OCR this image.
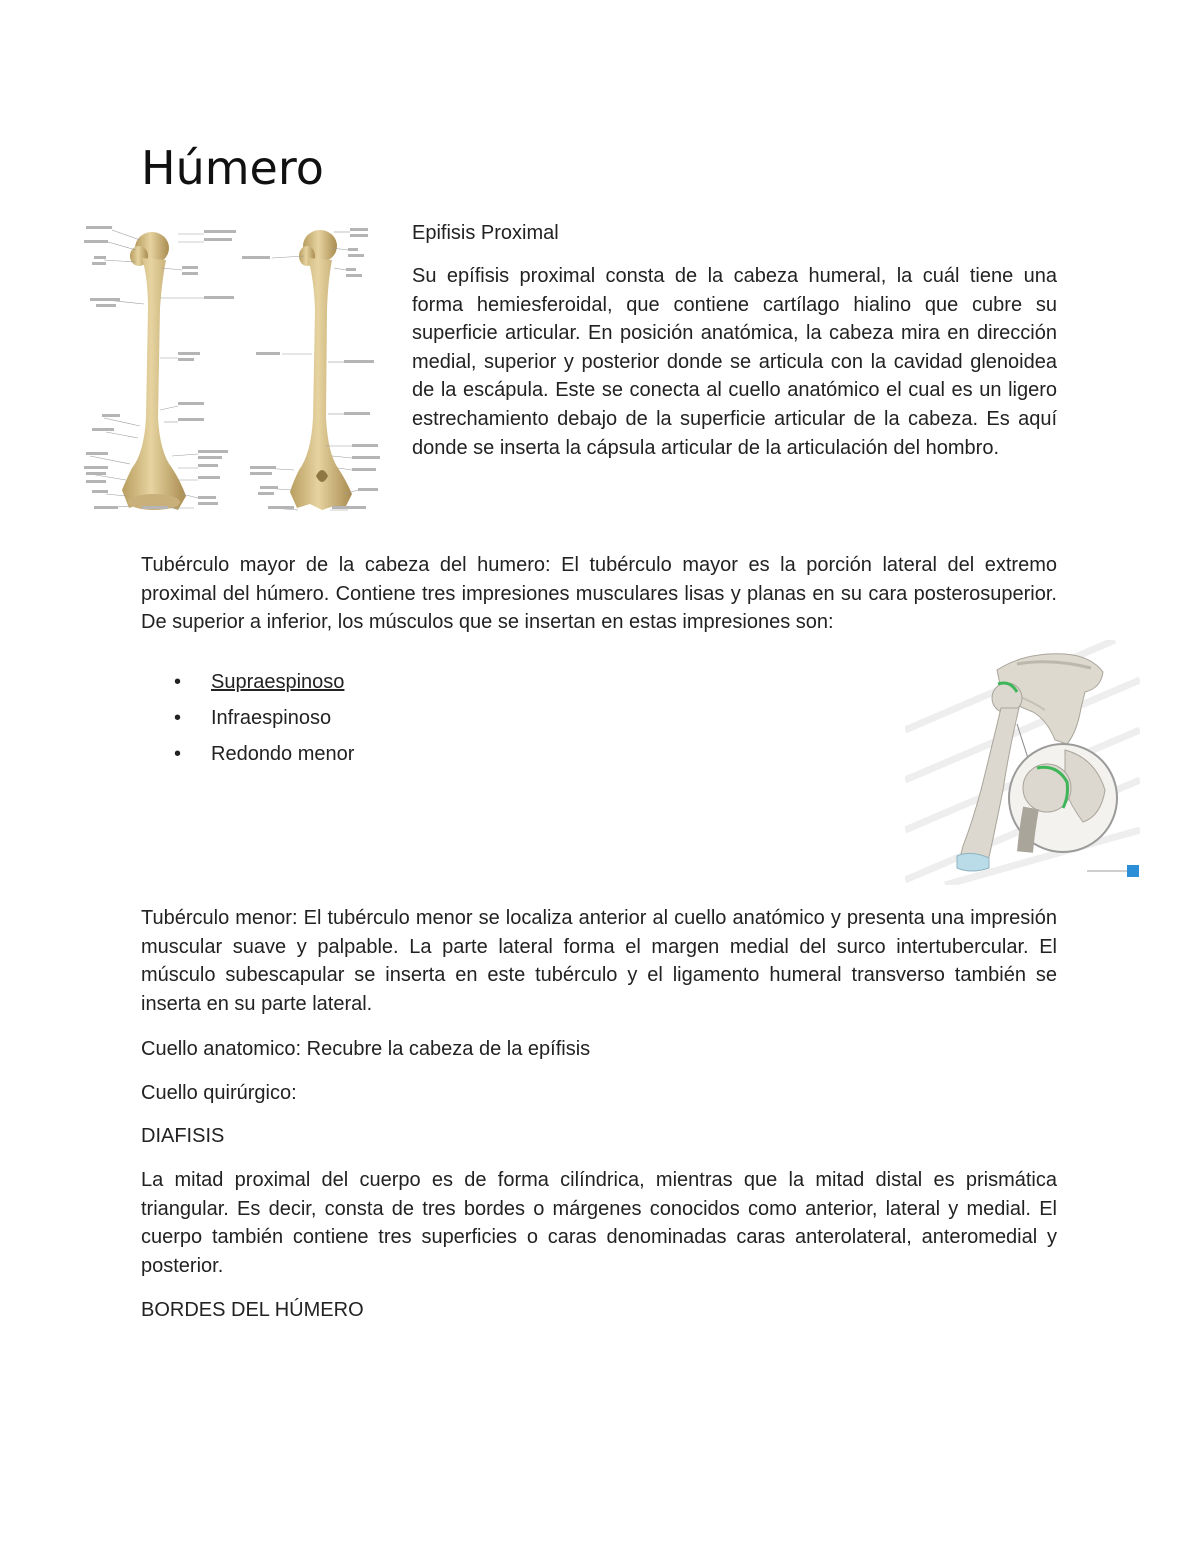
Húmero

Epifisis Proximal

Su epífisis proximal consta de la cabeza humeral, la cuál tiene una forma hemiesferoidal, que contiene cartílago hialino que cubre su superficie articular. En posición anatómica, la cabeza mira en dirección medial, superior y posterior donde se articula con la cavidad glenoidea de la escápula. Este se conecta al cuello anatómico el cual es un ligero estrechamiento debajo de la superficie articular de la cabeza. Es aquí donde se inserta la cápsula articular de la articulación del hombro.

Tubérculo mayor de la cabeza del humero: El tubérculo mayor es la porción lateral del extremo proximal del húmero. Contiene tres impresiones musculares lisas y planas en su cara posterosuperior. De superior a inferior, los músculos que se insertan en estas impresiones son:

• Supraespinoso
• Infraespinoso
• Redondo menor

Tubérculo menor: El tubérculo menor se localiza anterior al cuello anatómico y presenta una impresión muscular suave y palpable. La parte lateral forma el margen medial del surco intertubercular. El músculo subescapular se inserta en este tubérculo y el ligamento humeral transverso también se inserta en su parte lateral.

Cuello anatomico: Recubre la cabeza de la epífisis

Cuello quirúrgico:

DIAFISIS

La mitad proximal del cuerpo es de forma cilíndrica, mientras que la mitad distal es prismática triangular. Es decir, consta de tres bordes o márgenes conocidos como anterior, lateral y medial. El cuerpo también contiene tres superficies o caras denominadas caras anterolateral, anteromedial y posterior.

BORDES DEL HÚMERO
